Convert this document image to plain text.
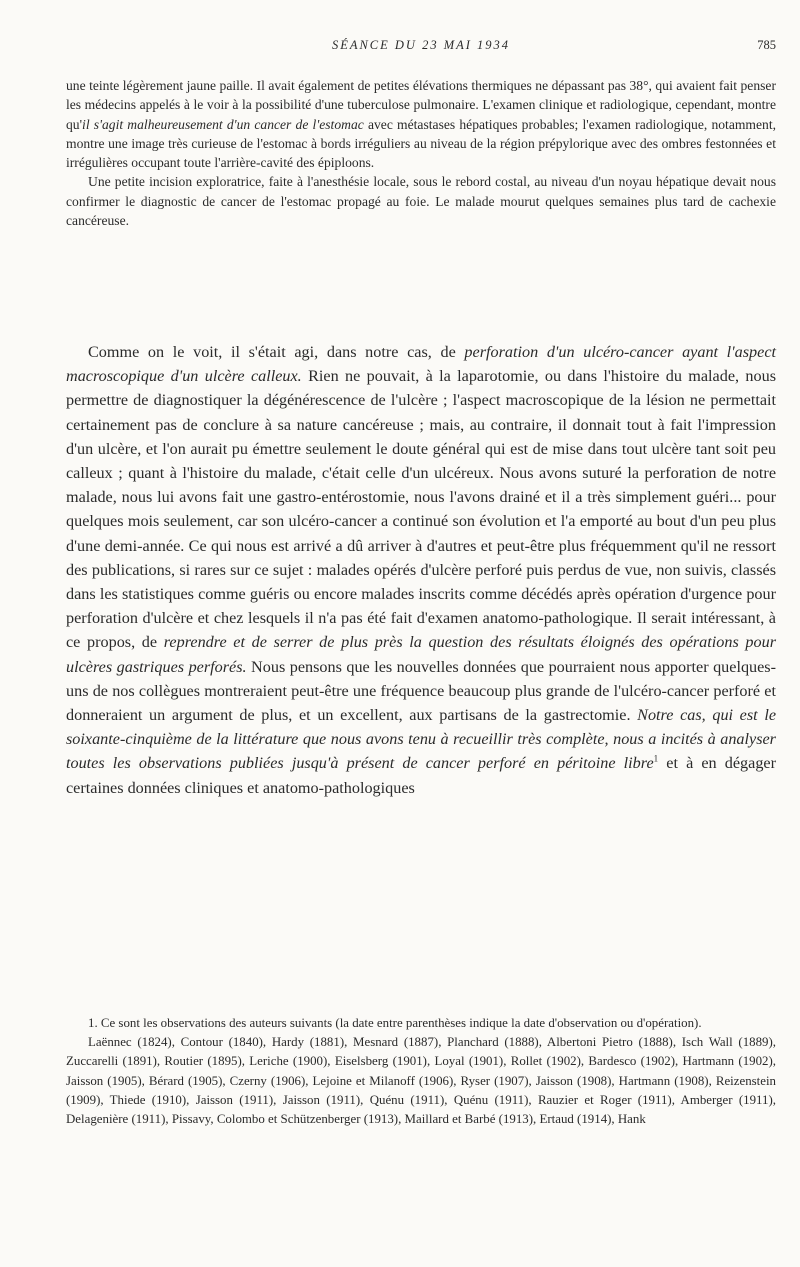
SÉANCE DU 23 MAI 1934	785

une teinte légèrement jaune paille. Il avait également de petites élévations thermiques ne dépassant pas 38°, qui avaient fait penser les médecins appelés à le voir à la possibilité d'une tuberculose pulmonaire. L'examen clinique et radiologique, cependant, montre qu'il s'agit malheureusement d'un cancer de l'estomac avec métastases hépatiques probables; l'examen radiologique, notamment, montre une image très curieuse de l'estomac à bords irréguliers au niveau de la région prépylorique avec des ombres festonnées et irrégulières occupant toute l'arrière-cavité des épiploons.

Une petite incision exploratrice, faite à l'anesthésie locale, sous le rebord costal, au niveau d'un noyau hépatique devait nous confirmer le diagnostic de cancer de l'estomac propagé au foie. Le malade mourut quelques semaines plus tard de cachexie cancéreuse.

Comme on le voit, il s'était agi, dans notre cas, de perforation d'un ulcéro-cancer ayant l'aspect macroscopique d'un ulcère calleux. Rien ne pouvait, à la laparotomie, ou dans l'histoire du malade, nous permettre de diagnostiquer la dégénérescence de l'ulcère ; l'aspect macroscopique de la lésion ne permettait certainement pas de conclure à sa nature cancéreuse ; mais, au contraire, il donnait tout à fait l'impression d'un ulcère, et l'on aurait pu émettre seulement le doute général qui est de mise dans tout ulcère tant soit peu calleux ; quant à l'histoire du malade, c'était celle d'un ulcéreux. Nous avons suturé la perforation de notre malade, nous lui avons fait une gastro-entérostomie, nous l'avons drainé et il a très simplement guéri... pour quelques mois seulement, car son ulcéro-cancer a continué son évolution et l'a emporté au bout d'un peu plus d'une demi-année. Ce qui nous est arrivé a dû arriver à d'autres et peut-être plus fréquemment qu'il ne ressort des publications, si rares sur ce sujet : malades opérés d'ulcère perforé puis perdus de vue, non suivis, classés dans les statistiques comme guéris ou encore malades inscrits comme décédés après opération d'urgence pour perforation d'ulcère et chez lesquels il n'a pas été fait d'examen anatomo-pathologique. Il serait intéressant, à ce propos, de reprendre et de serrer de plus près la question des résultats éloignés des opérations pour ulcères gastriques perforés. Nous pensons que les nouvelles données que pourraient nous apporter quelques-uns de nos collègues montreraient peut-être une fréquence beaucoup plus grande de l'ulcéro-cancer perforé et donneraient un argument de plus, et un excellent, aux partisans de la gastrectomie. Notre cas, qui est le soixante-cinquième de la littérature que nous avons tenu à recueillir très complète, nous a incités à analyser toutes les observations publiées jusqu'à présent de cancer perforé en péritoine libre$^1$ et à en dégager certaines données cliniques et anatomo-pathologiques

1. Ce sont les observations des auteurs suivants (la date entre parenthèses indique la date d'observation ou d'opération).

Laënnec (1824), Contour (1840), Hardy (1881), Mesnard (1887), Planchard (1888), Albertoni Pietro (1888), Isch Wall (1889), Zuccarelli (1891), Routier (1895), Leriche (1900), Eiselsberg (1901), Loyal (1901), Rollet (1902), Bardesco (1902), Hartmann (1902), Jaisson (1905), Bérard (1905), Czerny (1906), Lejoine et Milanoff (1906), Ryser (1907), Jaisson (1908), Hartmann (1908), Reizenstein (1909), Thiede (1910), Jaisson (1911), Jaisson (1911), Quénu (1911), Quénu (1911), Rauzier et Roger (1911), Amberger (1911), Delagenière (1911), Pissavy, Colombo et Schützenberger (1913), Maillard et Barbé (1913), Ertaud (1914), Hank
